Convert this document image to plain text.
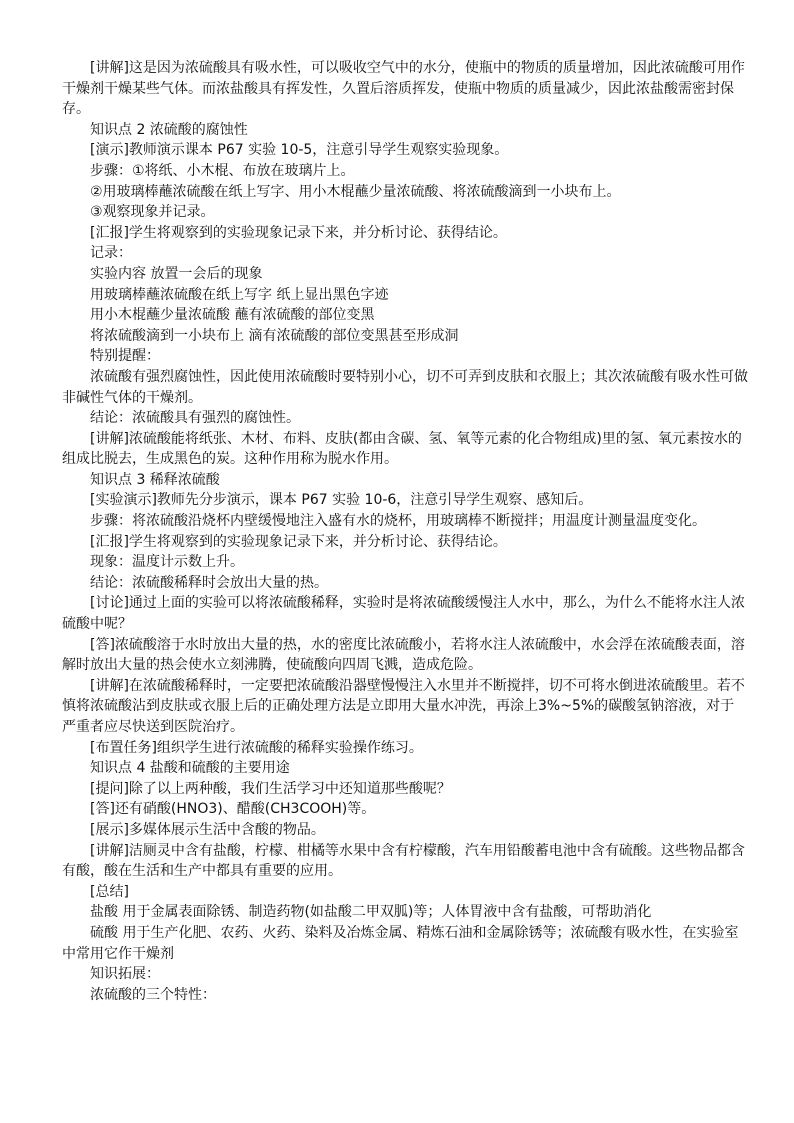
[讲解]这是因为浓硫酸具有吸水性，可以吸收空气中的水分，使瓶中的物质的质量增加，因此浓硫酸可用作干燥剂干燥某些气体。而浓盐酸具有挥发性，久置后溶质挥发，使瓶中物质的质量减少，因此浓盐酸需密封保存。

知识点 2 浓硫酸的腐蚀性

[演示]教师演示课本 P67 实验 10-5，注意引导学生观察实验现象。

步骤：①将纸、小木棍、布放在玻璃片上。

②用玻璃棒蘸浓硫酸在纸上写字、用小木棍蘸少量浓硫酸、将浓硫酸滴到一小块布上。

③观察现象并记录。

[汇报]学生将观察到的实验现象记录下来，并分析讨论、获得结论。

记录：

实验内容 放置一会后的现象

用玻璃棒蘸浓硫酸在纸上写字 纸上显出黑色字迹

用小木棍蘸少量浓硫酸 蘸有浓硫酸的部位变黑

将浓硫酸滴到一小块布上 滴有浓硫酸的部位变黑甚至形成洞

特别提醒：

浓硫酸有强烈腐蚀性，因此使用浓硫酸时要特别小心，切不可弄到皮肤和衣服上；其次浓硫酸有吸水性可做非碱性气体的干燥剂。

结论：浓硫酸具有强烈的腐蚀性。

[讲解]浓硫酸能将纸张、木材、布料、皮肤(都由含碳、氢、氧等元素的化合物组成)里的氢、氧元素按水的组成比脱去，生成黑色的炭。这种作用称为脱水作用。

知识点 3 稀释浓硫酸

[实验演示]教师先分步演示，课本 P67 实验 10-6，注意引导学生观察、感知后。

步骤：将浓硫酸沿烧杯内壁缓慢地注入盛有水的烧杯，用玻璃棒不断搅拌；用温度计测量温度变化。

[汇报]学生将观察到的实验现象记录下来，并分析讨论、获得结论。

现象：温度计示数上升。

结论：浓硫酸稀释时会放出大量的热。

[讨论]通过上面的实验可以将浓硫酸稀释，实验时是将浓硫酸缓慢注人水中，那么，为什么不能将水注人浓硫酸中呢？

[答]浓硫酸溶于水时放出大量的热，水的密度比浓硫酸小，若将水注人浓硫酸中，水会浮在浓硫酸表面，溶解时放出大量的热会使水立刻沸腾，使硫酸向四周飞溅，造成危险。

[讲解]在浓硫酸稀释时，一定要把浓硫酸沿器壁慢慢注入水里并不断搅拌，切不可将水倒进浓硫酸里。若不慎将浓硫酸沾到皮肤或衣服上后的正确处理方法是立即用大量水冲洗，再涂上3%~5%的碳酸氢钠溶液，对于严重者应尽快送到医院治疗。

[布置任务]组织学生进行浓硫酸的稀释实验操作练习。

知识点 4 盐酸和硫酸的主要用途

[提问]除了以上两种酸，我们生活学习中还知道那些酸呢？

[答]还有硝酸(HNO3)、醋酸(CH3COOH)等。

[展示]多媒体展示生活中含酸的物品。

[讲解]洁厕灵中含有盐酸，柠檬、柑橘等水果中含有柠檬酸，汽车用铅酸蓄电池中含有硫酸。这些物品都含有酸，酸在生活和生产中都具有重要的应用。

[总结]

盐酸 用于金属表面除锈、制造药物(如盐酸二甲双胍)等；人体胃液中含有盐酸，可帮助消化

硫酸 用于生产化肥、农药、火药、染料及冶炼金属、精炼石油和金属除锈等；浓硫酸有吸水性，在实验室中常用它作干燥剂

知识拓展：

浓硫酸的三个特性：
